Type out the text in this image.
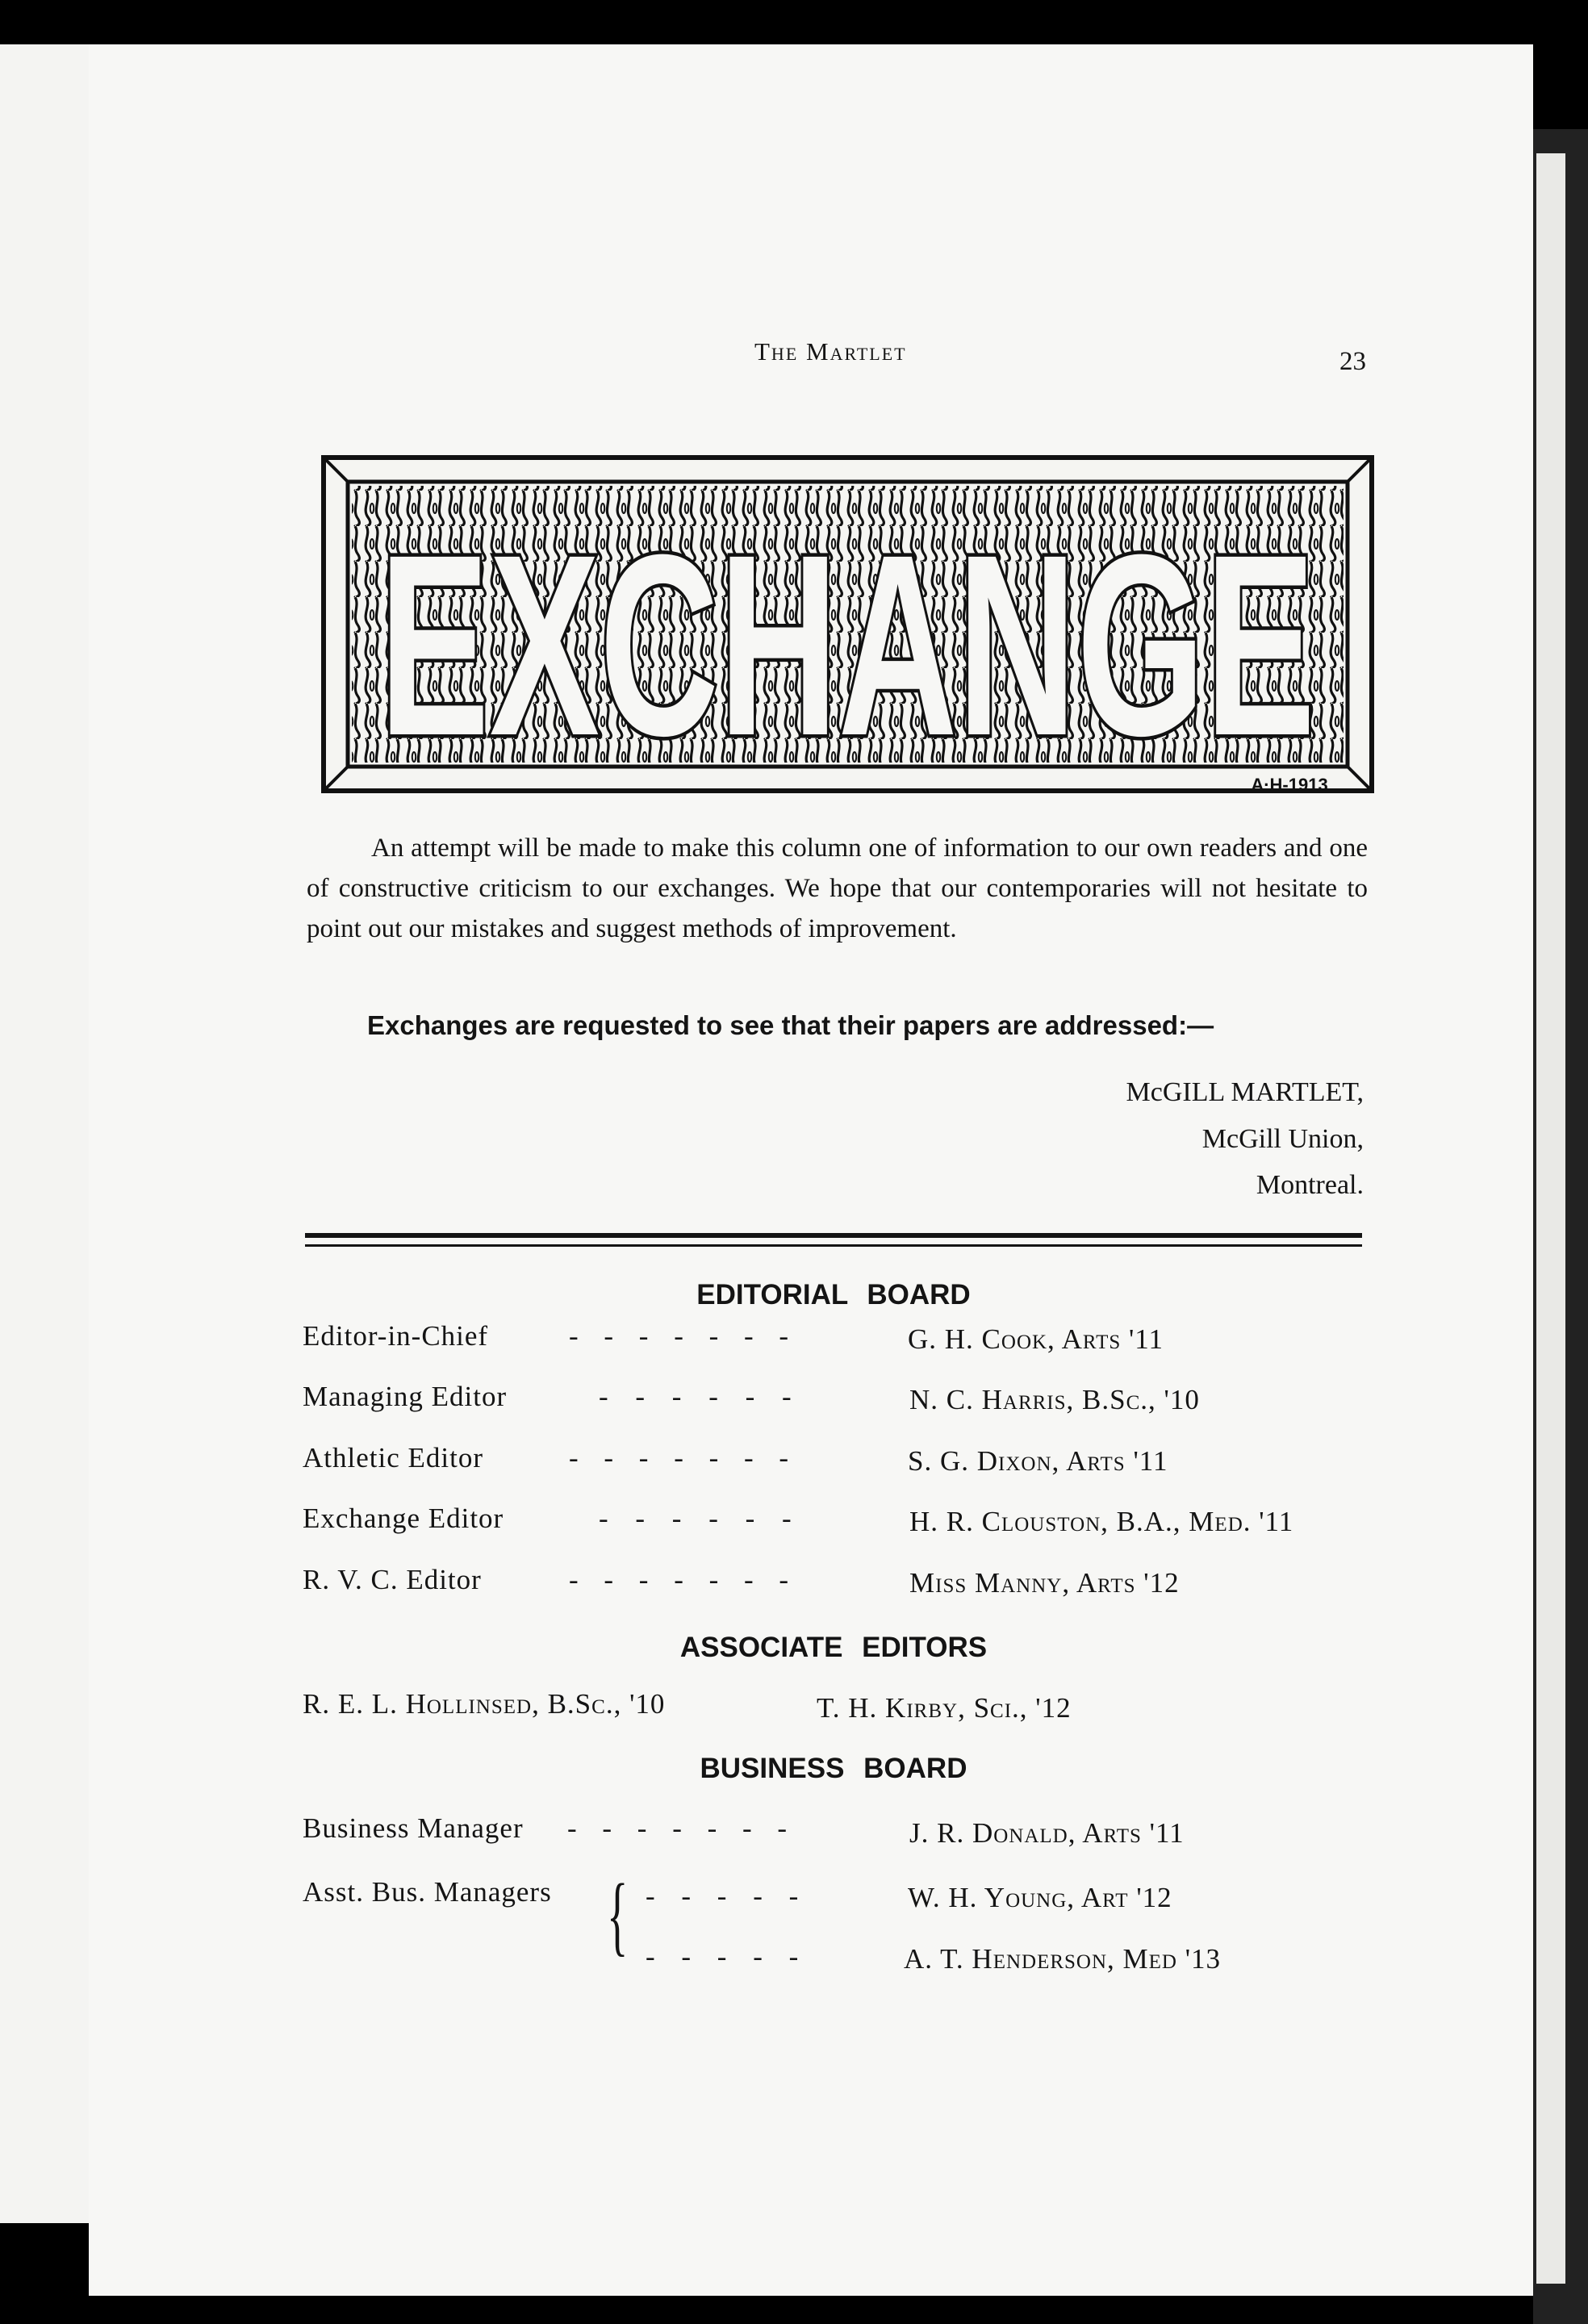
The Martlet	23
EXCHANGE
A·H-1913
An attempt will be made to make this column one of information to our own readers and one of constructive criticism to our exchanges. We hope that our contemporaries will not hesitate to point out our mistakes and suggest methods of improvement.
Exchanges are requested to see that their papers are addressed:—
McGILL MARTLET,
McGill Union,
Montreal.
EDITORIAL BOARD
Editor-in-Chief	- - - - - - -	G. H. Cook, Arts '11
Managing Editor	- - - - - -	N. C. Harris, B.Sc., '10
Athletic Editor	- - - - - - -	S. G. Dixon, Arts '11
Exchange Editor	- - - - - -	H. R. Clouston, B.A., Med. '11
R. V. C. Editor	- - - - - - -	Miss Manny, Arts '12
ASSOCIATE EDITORS
R. E. L. Hollinsed, B.Sc., '10	T. H. Kirby, Sci., '12
BUSINESS BOARD
Business Manager - - - - - - -	J. R. Donald, Arts '11
Asst. Bus. Managers { - - - - -	W. H. Young, Art '12
- - - - -	A. T. Henderson, Med '13
